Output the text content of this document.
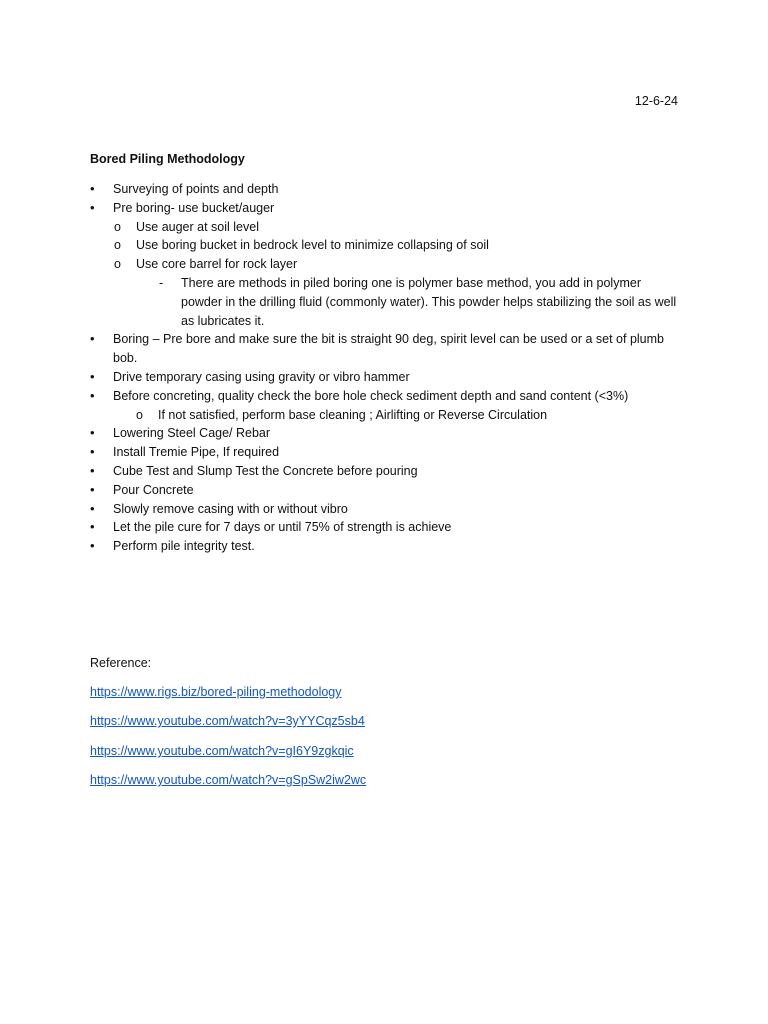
12-6-24
Bored Piling Methodology
• Surveying of points and depth
• Pre boring- use bucket/auger
o Use auger at soil level
o Use boring bucket in bedrock level to minimize collapsing of soil
o Use core barrel for rock layer
- There are methods in piled boring one is polymer base method, you add in polymer powder in the drilling fluid (commonly water). This powder helps stabilizing the soil as well as lubricates it.
• Boring – Pre bore and make sure the bit is straight 90 deg, spirit level can be used or a set of plumb bob.
• Drive temporary casing using gravity or vibro hammer
• Before concreting, quality check the bore hole check sediment depth and sand content (<3%)
o If not satisfied, perform base cleaning ; Airlifting or Reverse Circulation
• Lowering Steel Cage/ Rebar
• Install Tremie Pipe, If required
• Cube Test and Slump Test the Concrete before pouring
• Pour Concrete
• Slowly remove casing with or without vibro
• Let the pile cure for 7 days or until 75% of strength is achieve
• Perform pile integrity test.
Reference:
https://www.rigs.biz/bored-piling-methodology
https://www.youtube.com/watch?v=3yYYCqz5sb4
https://www.youtube.com/watch?v=gI6Y9zgkqic
https://www.youtube.com/watch?v=gSpSw2iw2wc
